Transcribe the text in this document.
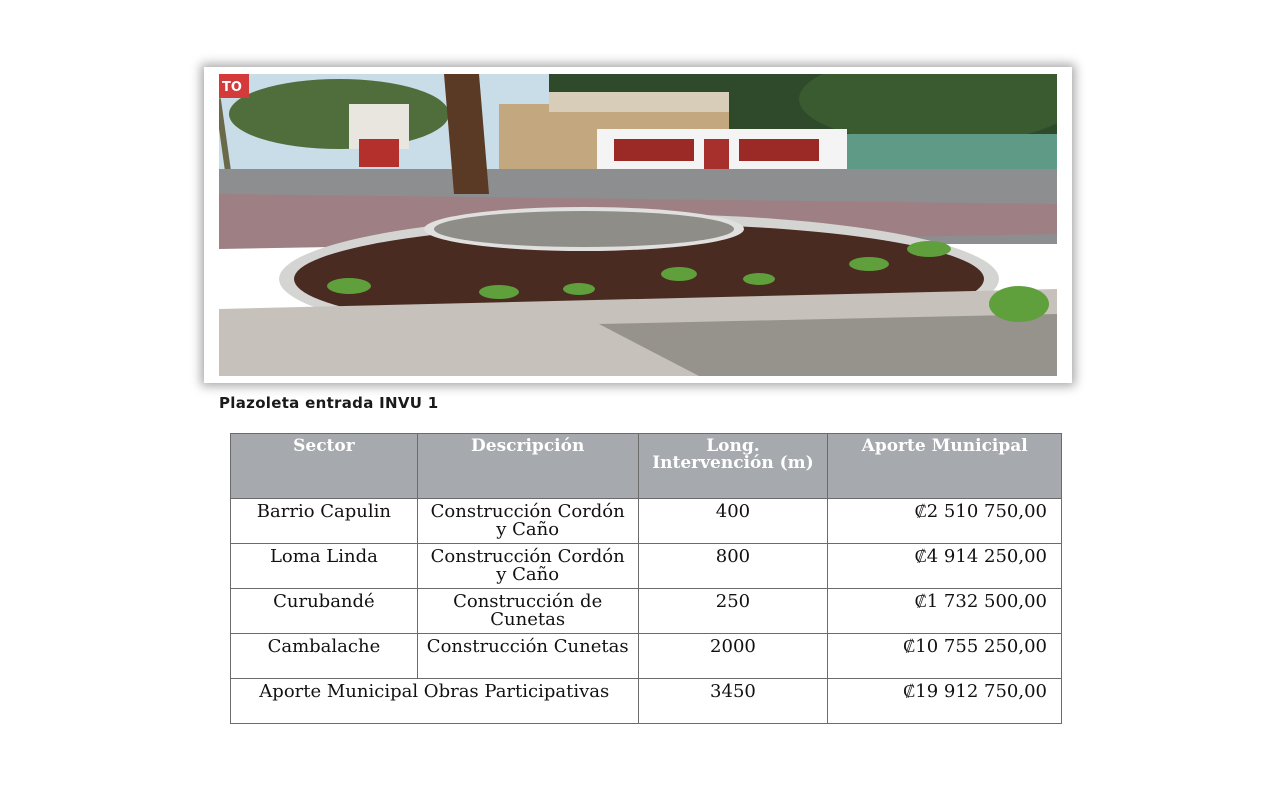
TO
Plazoleta entrada INVU 1
Sector	Descripción	Long. Intervención (m)	Aporte Municipal
Barrio Capulin	Construcción Cordón y Caño	400	₡2 510 750,00
Loma Linda	Construcción Cordón y Caño	800	₡4 914 250,00
Curubandé	Construcción de Cunetas	250	₡1 732 500,00
Cambalache	Construcción Cunetas	2000	₡10 755 250,00
Aporte Municipal Obras Participativas		3450	₡19 912 750,00
